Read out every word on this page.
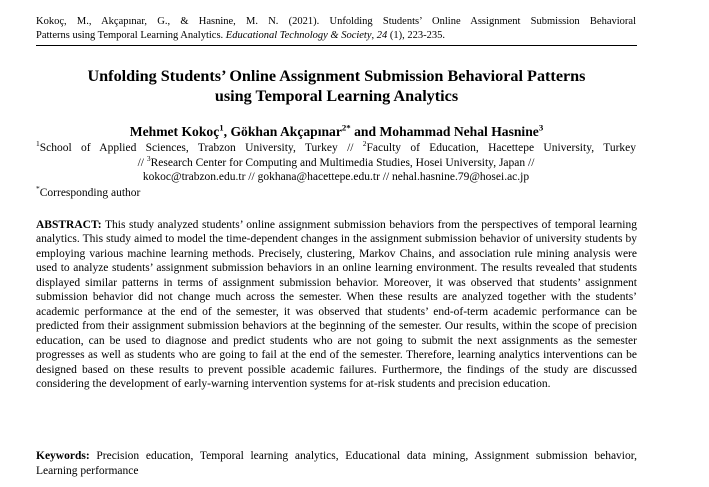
Kokoç, M., Akçapınar, G., & Hasnine, M. N. (2021). Unfolding Students’ Online Assignment Submission Behavioral
Patterns using Temporal Learning Analytics. Educational Technology & Society, 24 (1), 223-235.
Unfolding Students’ Online Assignment Submission Behavioral Patterns
using Temporal Learning Analytics
Mehmet Kokoç$^1$, Gökhan Akçapınar$^{2*}$ and Mohammad Nehal Hasnine$^3$
$^1$School of Applied Sciences, Trabzon University, Turkey // $^2$Faculty of Education, Hacettepe University, Turkey
// $^3$Research Center for Computing and Multimedia Studies, Hosei University, Japan //
kokoc@trabzon.edu.tr // gokhana@hacettepe.edu.tr // nehal.hasnine.79@hosei.ac.jp
*Corresponding author
ABSTRACT: This study analyzed students’ online assignment submission behaviors from the perspectives of temporal learning analytics. This study aimed to model the time-dependent changes in the assignment submission behavior of university students by employing various machine learning methods. Precisely, clustering, Markov Chains, and association rule mining analysis were used to analyze students’ assignment submission behaviors in an online learning environment. The results revealed that students displayed similar patterns in terms of assignment submission behavior. Moreover, it was observed that students’ assignment submission behavior did not change much across the semester. When these results are analyzed together with the students’ academic performance at the end of the semester, it was observed that students’ end-of-term academic performance can be predicted from their assignment submission behaviors at the beginning of the semester. Our results, within the scope of precision education, can be used to diagnose and predict students who are not going to submit the next assignments as the semester progresses as well as students who are going to fail at the end of the semester. Therefore, learning analytics interventions can be designed based on these results to prevent possible academic failures. Furthermore, the findings of the study are discussed considering the development of early-warning intervention systems for at-risk students and precision education.
Keywords: Precision education, Temporal learning analytics, Educational data mining, Assignment submission behavior, Learning performance
